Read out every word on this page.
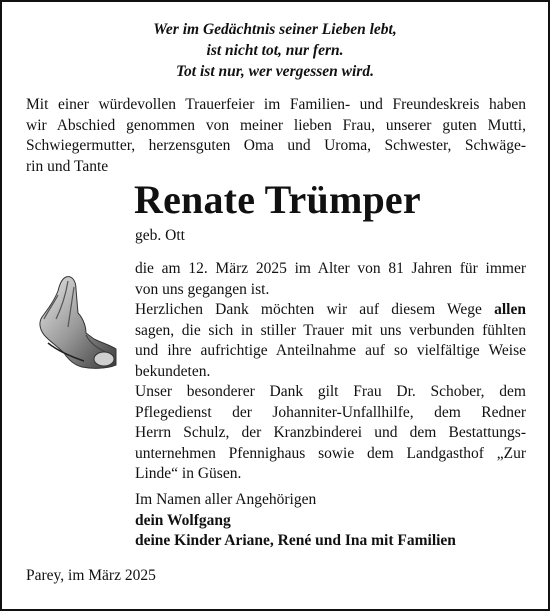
Wer im Gedächtnis seiner Lieben lebt,
ist nicht tot, nur fern.
Tot ist nur, wer vergessen wird.
Mit einer würdevollen Trauerfeier im Familien- und Freundeskreis haben
wir Abschied genommen von meiner lieben Frau, unserer guten Mutti,
Schwiegermutter, herzensguten Oma und Uroma, Schwester, Schwäge-
rin und Tante
Renate Trümper
geb. Ott
die am 12. März 2025 im Alter von 81 Jahren für immer
von uns gegangen ist.
Herzlichen Dank möchten wir auf diesem Wege allen
sagen, die sich in stiller Trauer mit uns verbunden fühlten
und ihre aufrichtige Anteilnahme auf so vielfältige Weise
bekundeten.
Unser besonderer Dank gilt Frau Dr. Schober, dem
Pflegedienst der Johanniter-Unfallhilfe, dem Redner
Herrn Schulz, der Kranzbinderei und dem Bestattungs-
unternehmen Pfennighaus sowie dem Landgasthof „Zur
Linde“ in Güsen.
Im Namen aller Angehörigen
dein Wolfgang
deine Kinder Ariane, René und Ina mit Familien
Parey, im März 2025
